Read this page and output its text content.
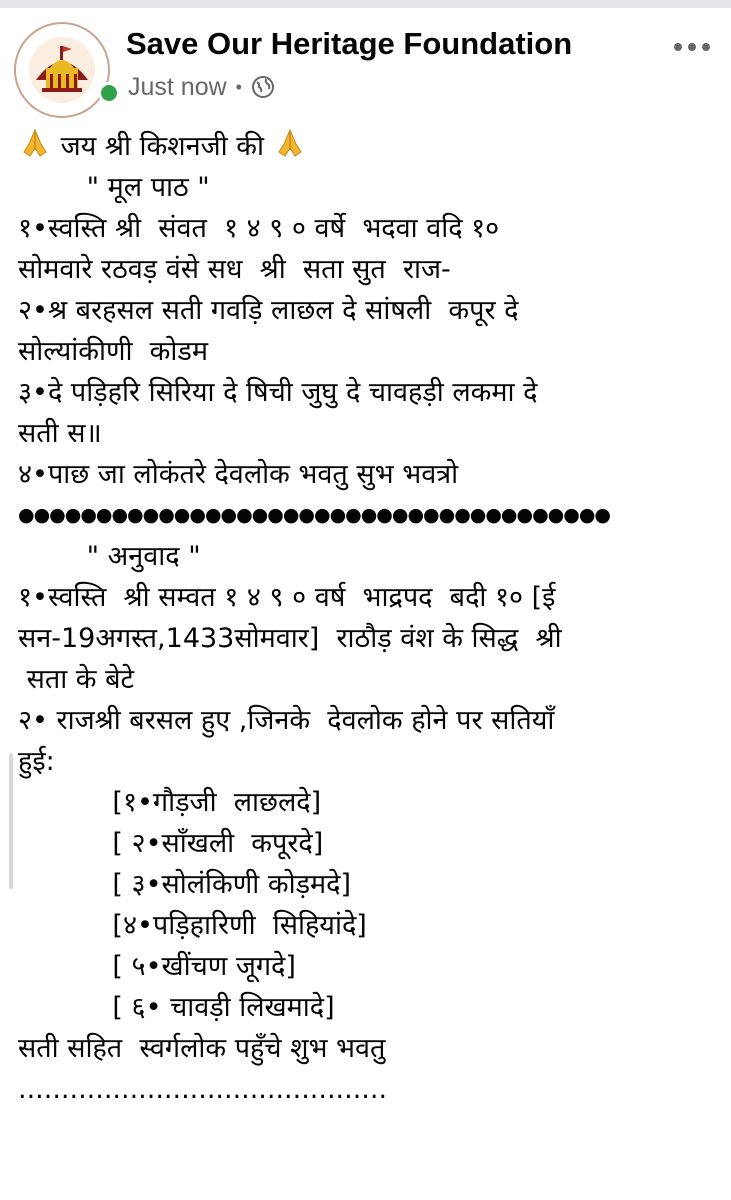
Save Our Heritage Foundation
Just now •
जय श्री किशनजी की
" मूल पाठ "
१•स्वस्ति श्री  संवत  १ ४ ९ ० वर्षे  भदवा वदि १०
सोमवारे रठवड़ वंसे सध  श्री  सता सुत  राज-
२•श्र बरहसल सती गवड़ि लाछल दे सांषली  कपूर दे
सोल्यांकीणी  कोडम
३•दे पड़िहरि सिरिया दे षिची जुघु दे चावहड़ी लकमा दे
सती स॥
४•पाछ जा लोकंतरे देवलोक भवतु सुभ भवत्रो
●●●●●●●●●●●●●●●●●●●●●●●●●●●●●●●●●●●●●●
" अनुवाद "
१•स्वस्ति  श्री सम्वत १ ४ ९ ० वर्ष  भाद्रपद  बदी १० [ई
सन-19अगस्त,1433सोमवार]  राठौड़ वंश के सिद्ध  श्री
सता के बेटे
२• राजश्री बरसल हुए ,जिनके  देवलोक होने पर सतियाँ
हुई:
[१•गौड़जी  लाछलदे]
[ २•साँखली  कपूरदे]
[ ३•सोलंकिणी कोड़मदे]
[४•पड़िहारिणी  सिहियांदे]
[ ५•खींचण जूगदे]
[ ६• चावड़ी लिखमादे]
सती सहित  स्वर्गलोक पहुँचे शुभ भवतु
...........................................
